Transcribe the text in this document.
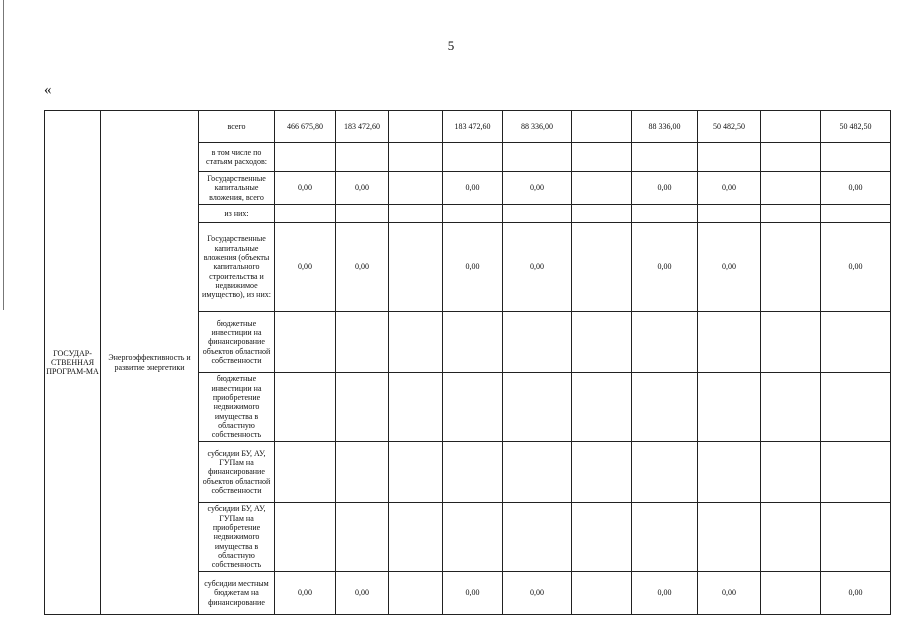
5
«
ГОСУДАР-СТВЕННАЯ ПРОГРАМ-МА	Энергоэффективность и развитие энергетики	всего	466 675,80	183 472,60		183 472,60	88 336,00		88 336,00	50 482,50		50 482,50
		в том числе по статьям расходов:										
		Государственные капитальные вложения, всего	0,00	0,00		0,00	0,00		0,00	0,00		0,00
		из них:										
		Государственные капитальные вложения (объекты капитального строительства и недвижимое имущество), из них:	0,00	0,00		0,00	0,00		0,00	0,00		0,00
		бюджетные инвестиции на финансирование объектов областной собственности										
		бюджетные инвестиции на приобретение недвижимого имущества в областную собственность										
		субсидии БУ, АУ, ГУПам на финансирование объектов областной собственности										
		субсидии БУ, АУ, ГУПам на приобретение недвижимого имущества в областную собственность										
		субсидии местным бюджетам на финансирование	0,00	0,00		0,00	0,00		0,00	0,00		0,00
